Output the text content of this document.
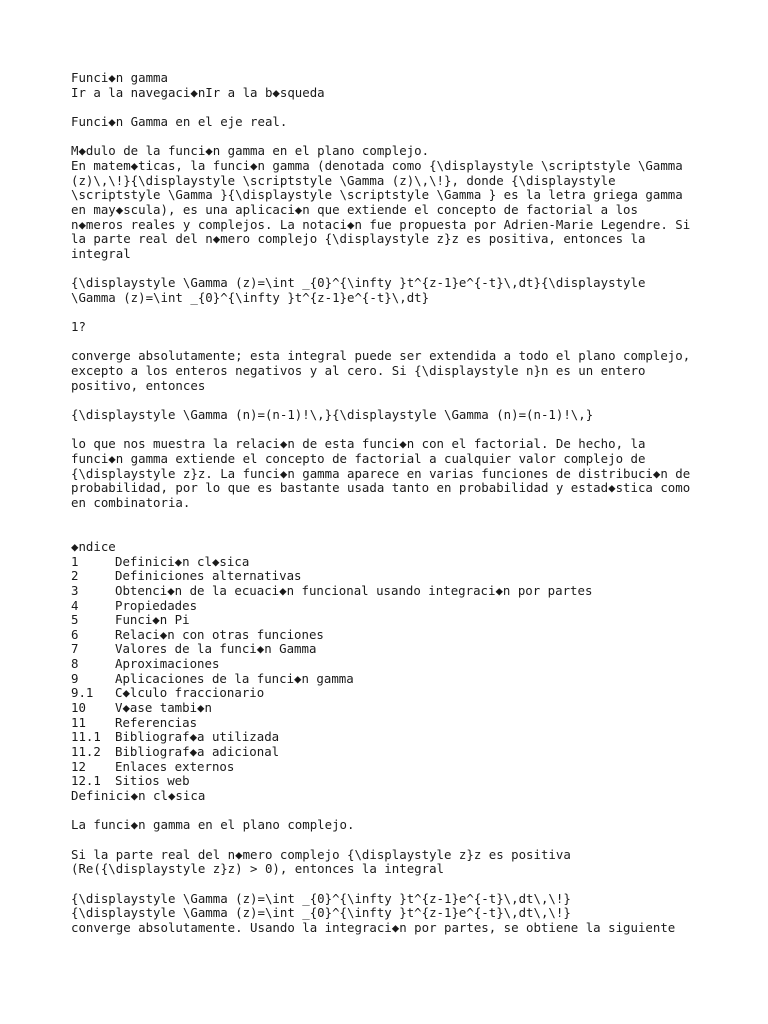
Funci◆n gamma
Ir a la navegaci◆nIr a la b◆squeda
Funci◆n Gamma en el eje real.
M◆dulo de la funci◆n gamma en el plano complejo.
En matem◆ticas, la funci◆n gamma (denotada como {\displaystyle \scriptstyle \Gamma
(z)\,\!}{\displaystyle \scriptstyle \Gamma (z)\,\!}, donde {\displaystyle
\scriptstyle \Gamma }{\displaystyle \scriptstyle \Gamma } es la letra griega gamma
en may◆scula), es una aplicaci◆n que extiende el concepto de factorial a los
n◆meros reales y complejos. La notaci◆n fue propuesta por Adrien-Marie Legendre. Si
la parte real del n◆mero complejo {\displaystyle z}z es positiva, entonces la
integral
{\displaystyle \Gamma (z)=\int _{0}^{\infty }t^{z-1}e^{-t}\,dt}{\displaystyle
\Gamma (z)=\int _{0}^{\infty }t^{z-1}e^{-t}\,dt}
1?
converge absolutamente; esta integral puede ser extendida a todo el plano complejo,
excepto a los enteros negativos y al cero. Si {\displaystyle n}n es un entero
positivo, entonces
{\displaystyle \Gamma (n)=(n-1)!\,}{\displaystyle \Gamma (n)=(n-1)!\,}
lo que nos muestra la relaci◆n de esta funci◆n con el factorial. De hecho, la
funci◆n gamma extiende el concepto de factorial a cualquier valor complejo de
{\displaystyle z}z. La funci◆n gamma aparece en varias funciones de distribuci◆n de
probabilidad, por lo que es bastante usada tanto en probabilidad y estad◆stica como
en combinatoria.
◆ndice
1	Definici◆n cl◆sica
2	Definiciones alternativas
3	Obtenci◆n de la ecuaci◆n funcional usando integraci◆n por partes
4	Propiedades
5	Funci◆n Pi
6	Relaci◆n con otras funciones
7	Valores de la funci◆n Gamma
8	Aproximaciones
9	Aplicaciones de la funci◆n gamma
9.1	C◆lculo fraccionario
10	V◆ase tambi◆n
11	Referencias
11.1	Bibliograf◆a utilizada
11.2	Bibliograf◆a adicional
12	Enlaces externos
12.1	Sitios web
Definici◆n cl◆sica
La funci◆n gamma en el plano complejo.
Si la parte real del n◆mero complejo {\displaystyle z}z es positiva
(Re({\displaystyle z}z) > 0), entonces la integral
{\displaystyle \Gamma (z)=\int _{0}^{\infty }t^{z-1}e^{-t}\,dt\,\!}
{\displaystyle \Gamma (z)=\int _{0}^{\infty }t^{z-1}e^{-t}\,dt\,\!}
converge absolutamente. Usando la integraci◆n por partes, se obtiene la siguiente
